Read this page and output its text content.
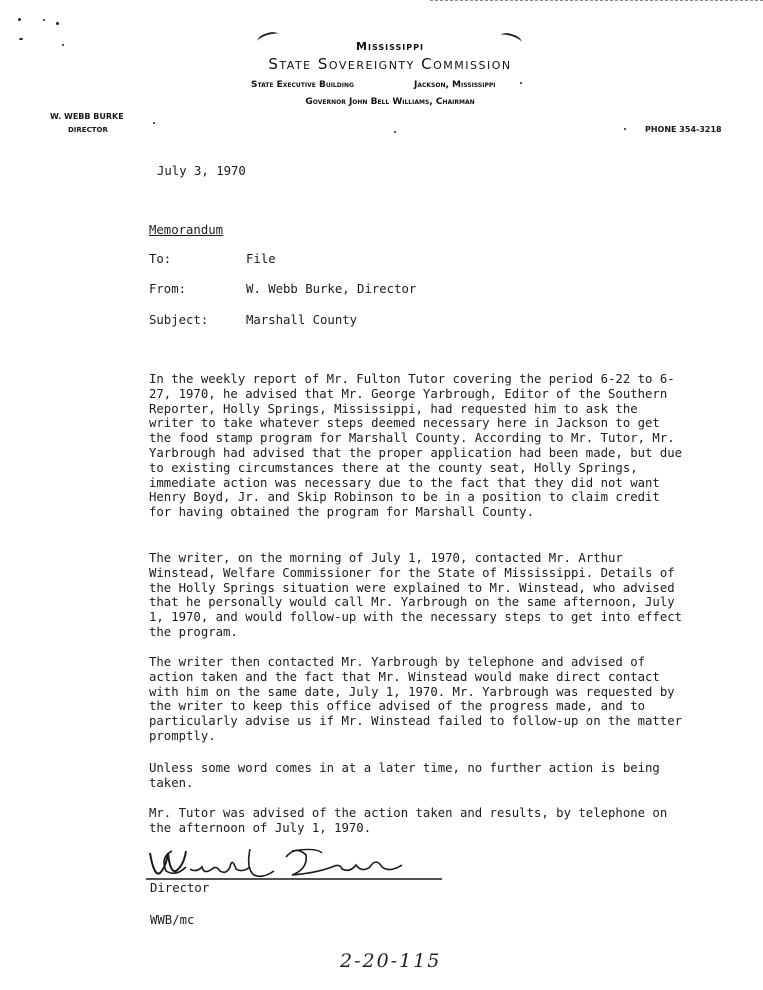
Mississippi
State Sovereignty Commission
State Executive Building	Jackson, Mississippi
Governor John Bell Williams, Chairman
W. WEBB BURKE
DIRECTOR	PHONE 354-3218
July 3, 1970
Memorandum
To:	File
From:	W. Webb Burke, Director
Subject:	Marshall County

In the weekly report of Mr. Fulton Tutor covering the period 6-22 to 6-27, 1970, he advised that Mr. George Yarbrough, Editor of the Southern Reporter, Holly Springs, Mississippi, had requested him to ask the writer to take whatever steps deemed necessary here in Jackson to get the food stamp program for Marshall County. According to Mr. Tutor, Mr. Yarbrough had advised that the proper application had been made, but due to existing circumstances there at the county seat, Holly Springs, immediate action was necessary due to the fact that they did not want Henry Boyd, Jr. and Skip Robinson to be in a position to claim credit for having obtained the program for Marshall County.

The writer, on the morning of July 1, 1970, contacted Mr. Arthur Winstead, Welfare Commissioner for the State of Mississippi. Details of the Holly Springs situation were explained to Mr. Winstead, who advised that he personally would call Mr. Yarbrough on the same afternoon, July 1, 1970, and would follow-up with the necessary steps to get into effect the program.

The writer then contacted Mr. Yarbrough by telephone and advised of action taken and the fact that Mr. Winstead would make direct contact with him on the same date, July 1, 1970. Mr. Yarbrough was requested by the writer to keep this office advised of the progress made, and to particularly advise us if Mr. Winstead failed to follow-up on the matter promptly.

Unless some word comes in at a later time, no further action is being taken.

Mr. Tutor was advised of the action taken and results, by telephone on the afternoon of July 1, 1970.

Director
WWB/mc
2-20-115
